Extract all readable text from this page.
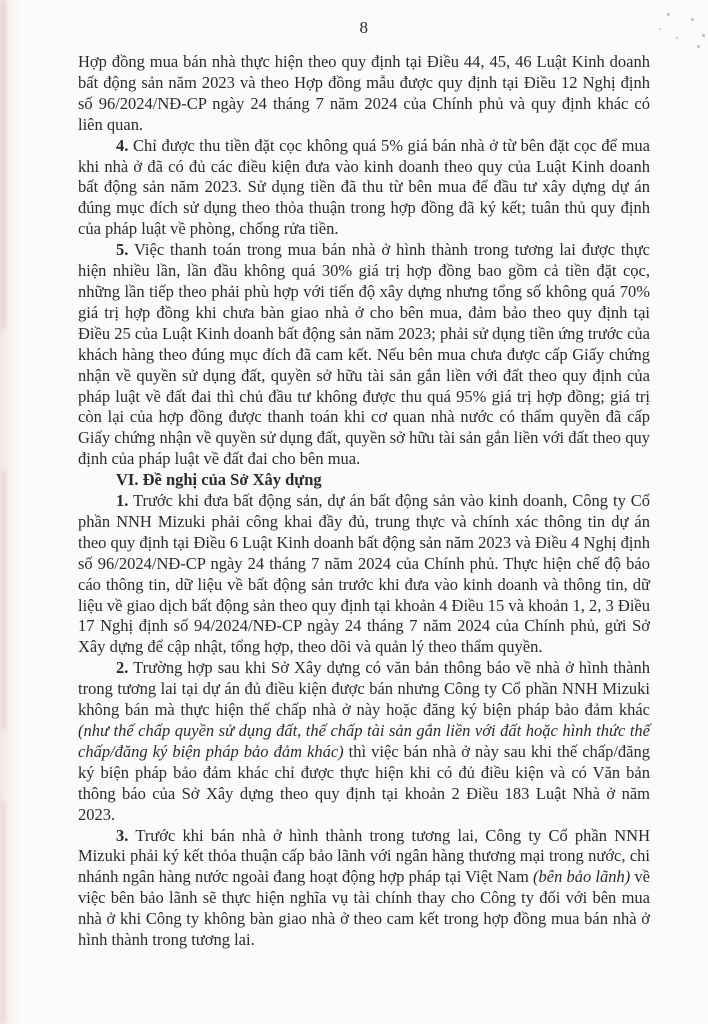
8

Hợp đồng mua bán nhà thực hiện theo quy định tại Điều 44, 45, 46 Luật Kinh doanh bất động sản năm 2023 và theo Hợp đồng mẫu được quy định tại Điều 12 Nghị định số 96/2024/NĐ-CP ngày 24 tháng 7 năm 2024 của Chính phủ và quy định khác có liên quan.

4. Chỉ được thu tiền đặt cọc không quá 5% giá bán nhà ở từ bên đặt cọc để mua khi nhà ở đã có đủ các điều kiện đưa vào kinh doanh theo quy của Luật Kinh doanh bất động sản năm 2023. Sử dụng tiền đã thu từ bên mua để đầu tư xây dựng dự án đúng mục đích sử dụng theo thỏa thuận trong hợp đồng đã ký kết; tuân thủ quy định của pháp luật về phòng, chống rửa tiền.

5. Việc thanh toán trong mua bán nhà ở hình thành trong tương lai được thực hiện nhiều lần, lần đầu không quá 30% giá trị hợp đồng bao gồm cả tiền đặt cọc, những lần tiếp theo phải phù hợp với tiến độ xây dựng nhưng tổng số không quá 70% giá trị hợp đồng khi chưa bàn giao nhà ở cho bên mua, đảm bảo theo quy định tại Điều 25 của Luật Kinh doanh bất động sản năm 2023; phải sử dụng tiền ứng trước của khách hàng theo đúng mục đích đã cam kết. Nếu bên mua chưa được cấp Giấy chứng nhận về quyền sử dụng đất, quyền sở hữu tài sản gắn liền với đất theo quy định của pháp luật về đất đai thì chủ đầu tư không được thu quá 95% giá trị hợp đồng; giá trị còn lại của hợp đồng được thanh toán khi cơ quan nhà nước có thẩm quyền đã cấp Giấy chứng nhận về quyền sử dụng đất, quyền sở hữu tài sản gắn liền với đất theo quy định của pháp luật về đất đai cho bên mua.

VI. Đề nghị của Sở Xây dựng

1. Trước khi đưa bất động sản, dự án bất động sản vào kinh doanh, Công ty Cổ phần NNH Mizuki phải công khai đầy đủ, trung thực và chính xác thông tin dự án theo quy định tại Điều 6 Luật Kinh doanh bất động sản năm 2023 và Điều 4 Nghị định số 96/2024/NĐ-CP ngày 24 tháng 7 năm 2024 của Chính phủ. Thực hiện chế độ báo cáo thông tin, dữ liệu về bất động sản trước khi đưa vào kinh doanh và thông tin, dữ liệu về giao dịch bất động sản theo quy định tại khoản 4 Điều 15 và khoản 1, 2, 3 Điều 17 Nghị định số 94/2024/NĐ-CP ngày 24 tháng 7 năm 2024 của Chính phủ, gửi Sở Xây dựng để cập nhật, tổng hợp, theo dõi và quản lý theo thẩm quyền.

2. Trường hợp sau khi Sở Xây dựng có văn bản thông báo về nhà ở hình thành trong tương lai tại dự án đủ điều kiện được bán nhưng Công ty Cổ phần NNH Mizuki không bán mà thực hiện thế chấp nhà ở này hoặc đăng ký biện pháp bảo đảm khác (như thế chấp quyền sử dụng đất, thế chấp tài sản gắn liền với đất hoặc hình thức thế chấp/đăng ký biện pháp bảo đảm khác) thì việc bán nhà ở này sau khi thế chấp/đăng ký biện pháp bảo đảm khác chỉ được thực hiện khi có đủ điều kiện và có Văn bản thông báo của Sở Xây dựng theo quy định tại khoản 2 Điều 183 Luật Nhà ở năm 2023.

3. Trước khi bán nhà ở hình thành trong tương lai, Công ty Cổ phần NNH Mizuki phải ký kết thỏa thuận cấp bảo lãnh với ngân hàng thương mại trong nước, chi nhánh ngân hàng nước ngoài đang hoạt động hợp pháp tại Việt Nam (bên bảo lãnh) về việc bên bảo lãnh sẽ thực hiện nghĩa vụ tài chính thay cho Công ty đối với bên mua nhà ở khi Công ty không bàn giao nhà ở theo cam kết trong hợp đồng mua bán nhà ở hình thành trong tương lai.
